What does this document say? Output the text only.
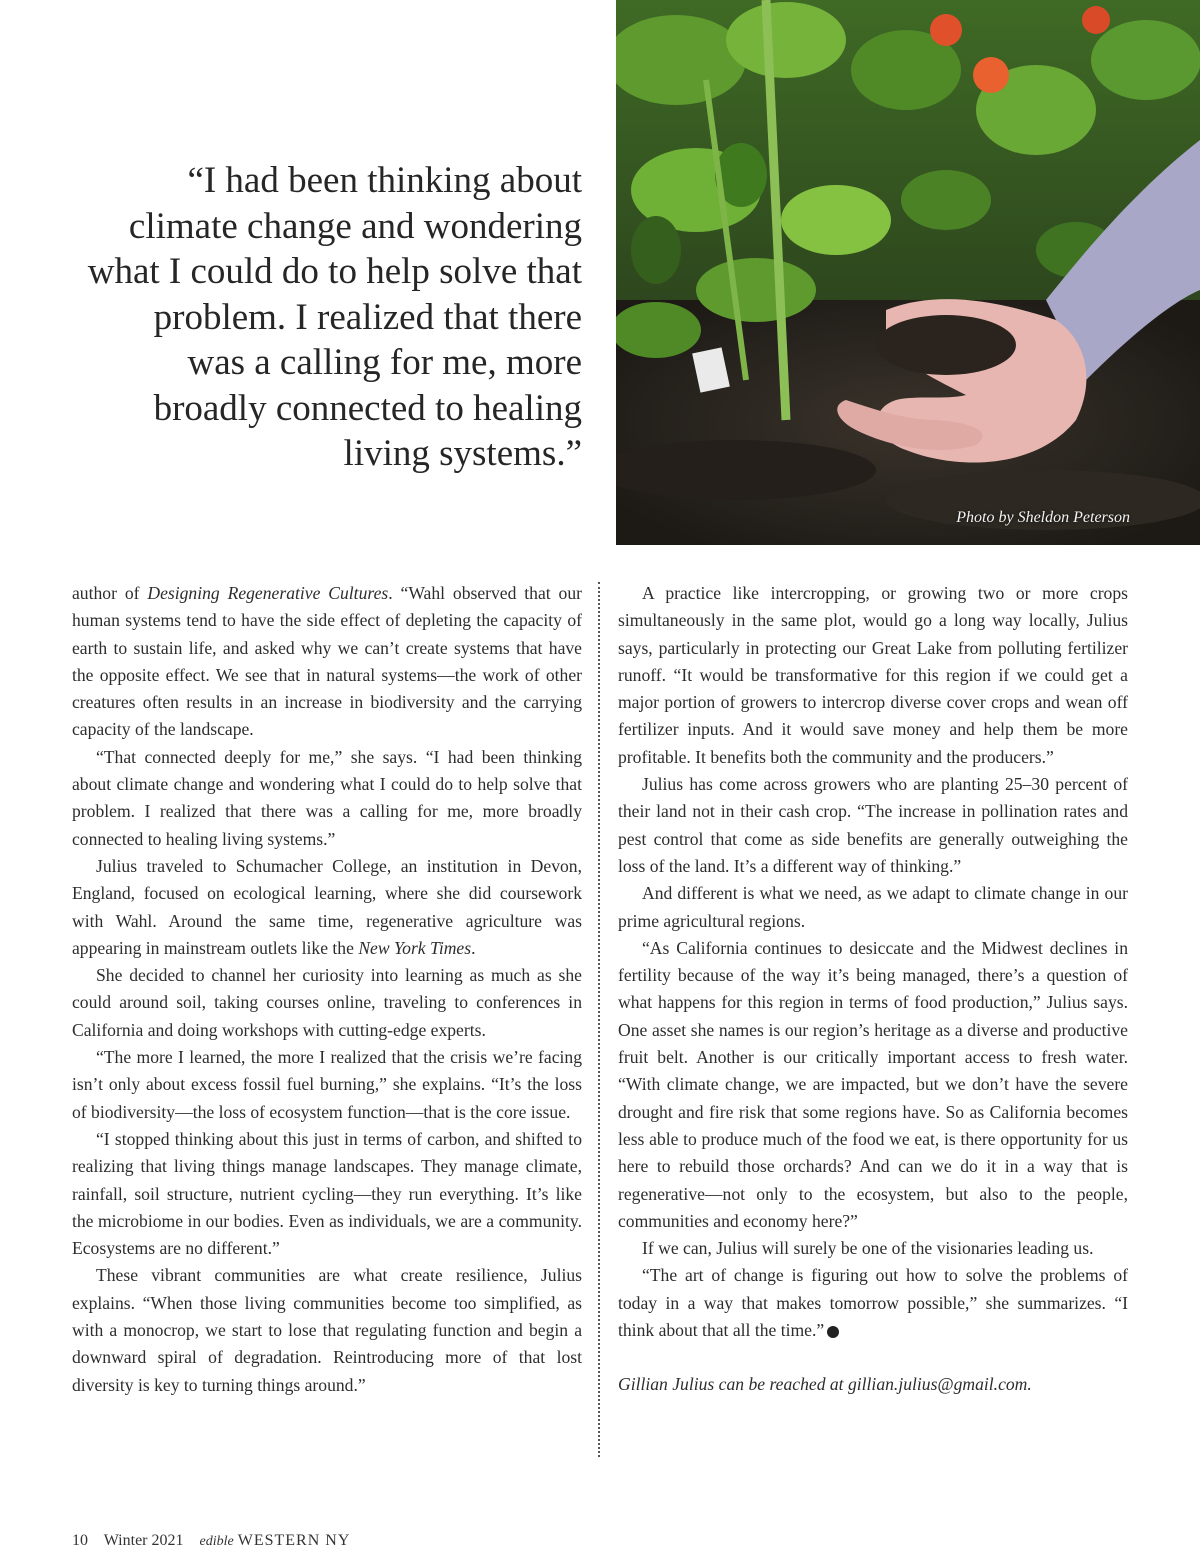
“I had been thinking about
climate change and wondering
what I could do to help solve that
problem. I realized that there
was a calling for me, more
broadly connected to healing
living systems.”
Photo by Sheldon Peterson

author of Designing Regenerative Cultures. “Wahl observed that our human systems tend to have the side effect of depleting the capacity of earth to sustain life, and asked why we can’t create systems that have the opposite effect. We see that in natural systems—the work of other creatures often results in an increase in biodiversity and the carrying capacity of the landscape.

“That connected deeply for me,” she says. “I had been thinking about climate change and wondering what I could do to help solve that problem. I realized that there was a calling for me, more broadly connected to healing living systems.”

Julius traveled to Schumacher College, an institution in Devon, England, focused on ecological learning, where she did coursework with Wahl. Around the same time, regenerative agriculture was appearing in mainstream outlets like the New York Times.

She decided to channel her curiosity into learning as much as she could around soil, taking courses online, traveling to conferences in California and doing workshops with cutting-edge experts.

“The more I learned, the more I realized that the crisis we’re facing isn’t only about excess fossil fuel burning,” she explains. “It’s the loss of biodiversity—the loss of ecosystem function—that is the core issue.

“I stopped thinking about this just in terms of carbon, and shifted to realizing that living things manage landscapes. They manage climate, rainfall, soil structure, nutrient cycling—they run everything. It’s like the microbiome in our bodies. Even as individuals, we are a community. Ecosystems are no different.”

These vibrant communities are what create resilience, Julius explains. “When those living communities become too simplified, as with a monocrop, we start to lose that regulating function and begin a downward spiral of degradation. Reintroducing more of that lost diversity is key to turning things around.”

A practice like intercropping, or growing two or more crops simultaneously in the same plot, would go a long way locally, Julius says, particularly in protecting our Great Lake from polluting fertilizer runoff. “It would be transformative for this region if we could get a major portion of growers to intercrop diverse cover crops and wean off fertilizer inputs. And it would save money and help them be more profitable. It benefits both the community and the producers.”

Julius has come across growers who are planting 25–30 percent of their land not in their cash crop. “The increase in pollination rates and pest control that come as side benefits are generally outweighing the loss of the land. It’s a different way of thinking.”

And different is what we need, as we adapt to climate change in our prime agricultural regions.

“As California continues to desiccate and the Midwest declines in fertility because of the way it’s being managed, there’s a question of what happens for this region in terms of food production,” Julius says. One asset she names is our region’s heritage as a diverse and productive fruit belt. Another is our critically important access to fresh water. “With climate change, we are impacted, but we don’t have the severe drought and fire risk that some regions have. So as California becomes less able to produce much of the food we eat, is there opportunity for us here to rebuild those orchards? And can we do it in a way that is regenerative—not only to the ecosystem, but also to the people, communities and economy here?”

If we can, Julius will surely be one of the visionaries leading us.

“The art of change is figuring out how to solve the problems of today in a way that makes tomorrow possible,” she summarizes. “I think about that all the time.”

Gillian Julius can be reached at gillian.julius@gmail.com.

10 Winter 2021 edible WESTERN NY
